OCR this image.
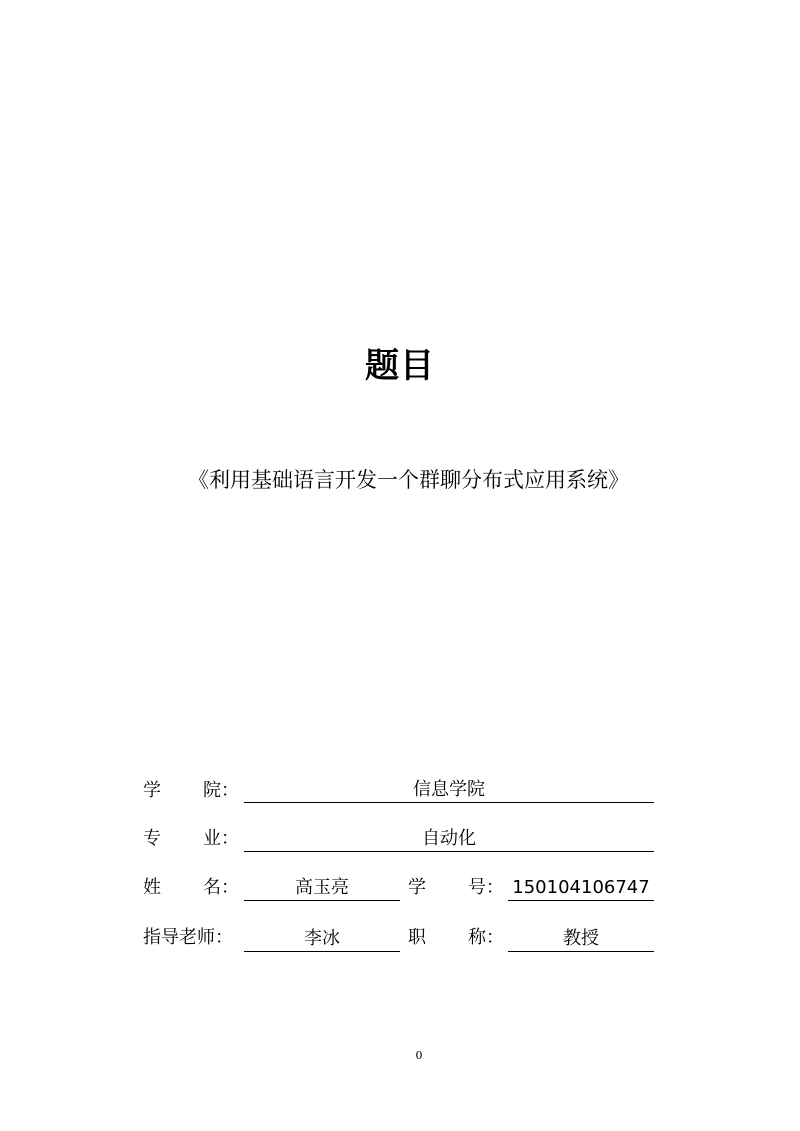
题目
《利用基础语言开发一个群聊分布式应用系统》
学 院：	信息学院
专 业：	自动化
姓 名：	高玉亮	学 号： 150104106747
指导老师：	李冰	职 称：	教授
0
